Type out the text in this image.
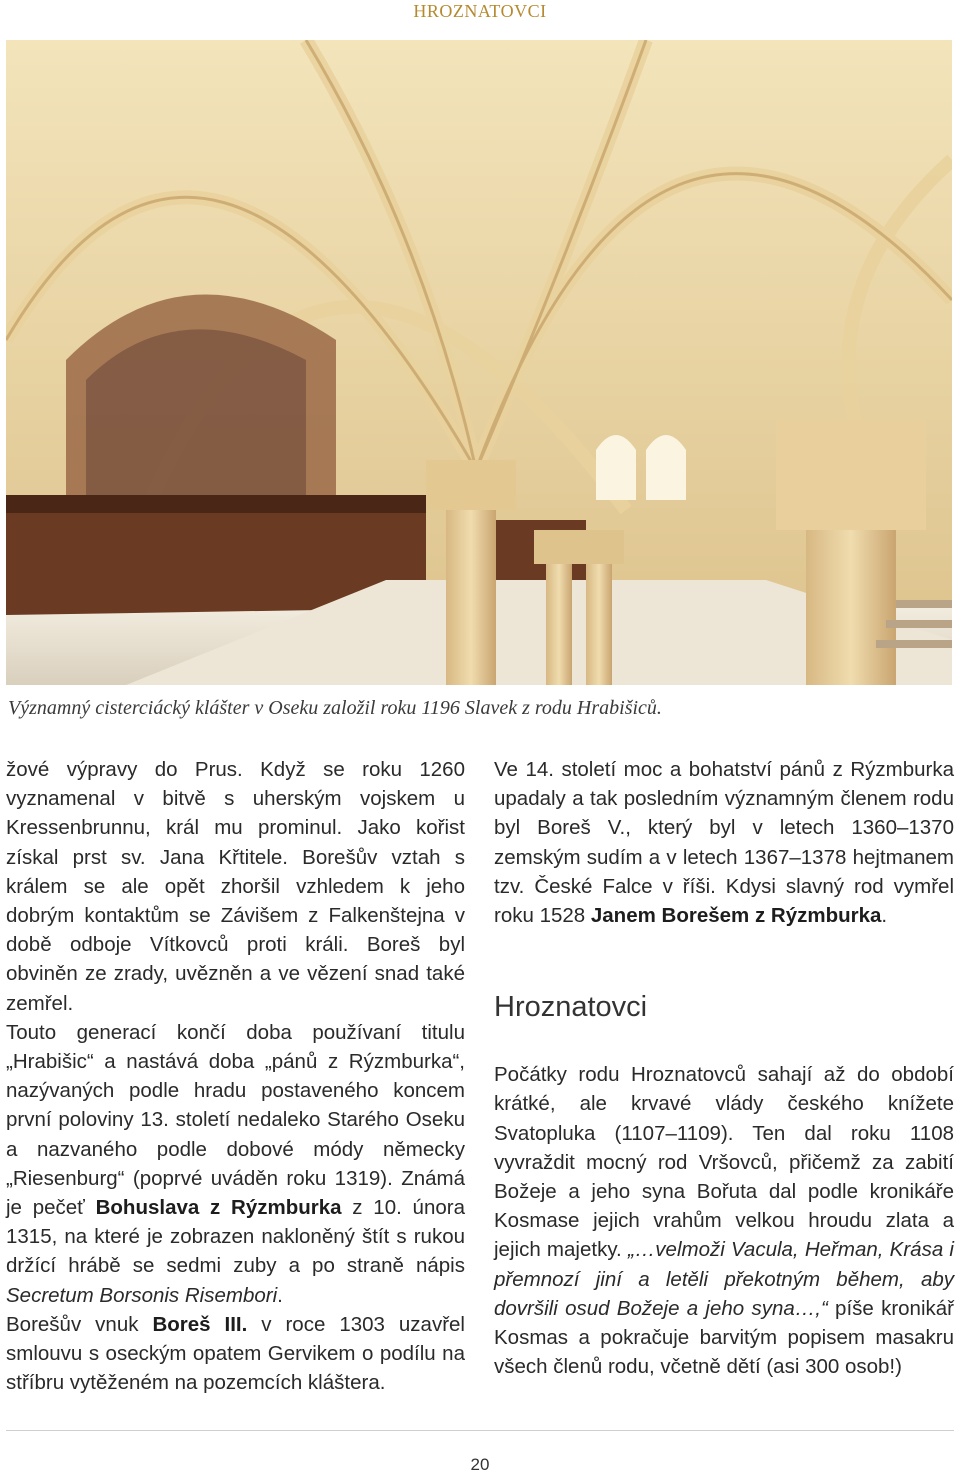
HROZNATOVCI
Významný cisterciácký klášter v Oseku založil roku 1196 Slavek z rodu Hrabišiců.

žové výpravy do Prus. Když se roku 1260 vyznamenal v bitvě s uherským vojskem u Kressenbrunnu, král mu prominul. Jako kořist získal prst sv. Jana Křtitele. Borešův vztah s králem se ale opět zhoršil vzhledem k jeho dobrým kontaktům se Závišem z Falkenštejna v době odboje Vítkovců proti králi. Boreš byl obviněn ze zrady, uvězněn a ve vězení snad také zemřel.

Touto generací končí doba používaní titulu „Hrabišic“ a nastává doba „pánů z Rýzmburka“, nazývaných podle hradu postaveného koncem první poloviny 13. století nedaleko Starého Oseku a nazvaného podle dobové módy německy „Riesenburg“ (poprvé uváděn roku 1319). Známá je pečeť Bohuslava z Rýzmburka z 10. února 1315, na které je zobrazen nakloněný štít s rukou držící hrábě se sedmi zuby a po straně nápis Secretum Borsonis Risembori.

Borešův vnuk Boreš III. v roce 1303 uzavřel smlouvu s oseckým opatem Gervikem o podílu na stříbru vytěženém na pozemcích kláštera.

Ve 14. století moc a bohatství pánů z Rýzmburka upadaly a tak posledním významným členem rodu byl Boreš V., který byl v letech 1360–1370 zemským sudím a v letech 1367–1378 hejtmanem tzv. České Falce v říši. Kdysi slavný rod vymřel roku 1528 Janem Borešem z Rýzmburka.

Hroznatovci

Počátky rodu Hroznatovců sahají až do období krátké, ale krvavé vlády českého knížete Svatopluka (1107–1109). Ten dal roku 1108 vyvraždit mocný rod Vršovců, přičemž za zabití Božeje a jeho syna Bořuta dal podle kronikáře Kosmase jejich vrahům velkou hroudu zlata a jejich majetky. „…velmoži Vacula, Heřman, Krása i přemnozí jiní a letěli překotným během, aby dovršili osud Božeje a jeho syna…,“ píše kronikář Kosmas a pokračuje barvitým popisem masakru všech členů rodu, včetně dětí (asi 300 osob!)

20
